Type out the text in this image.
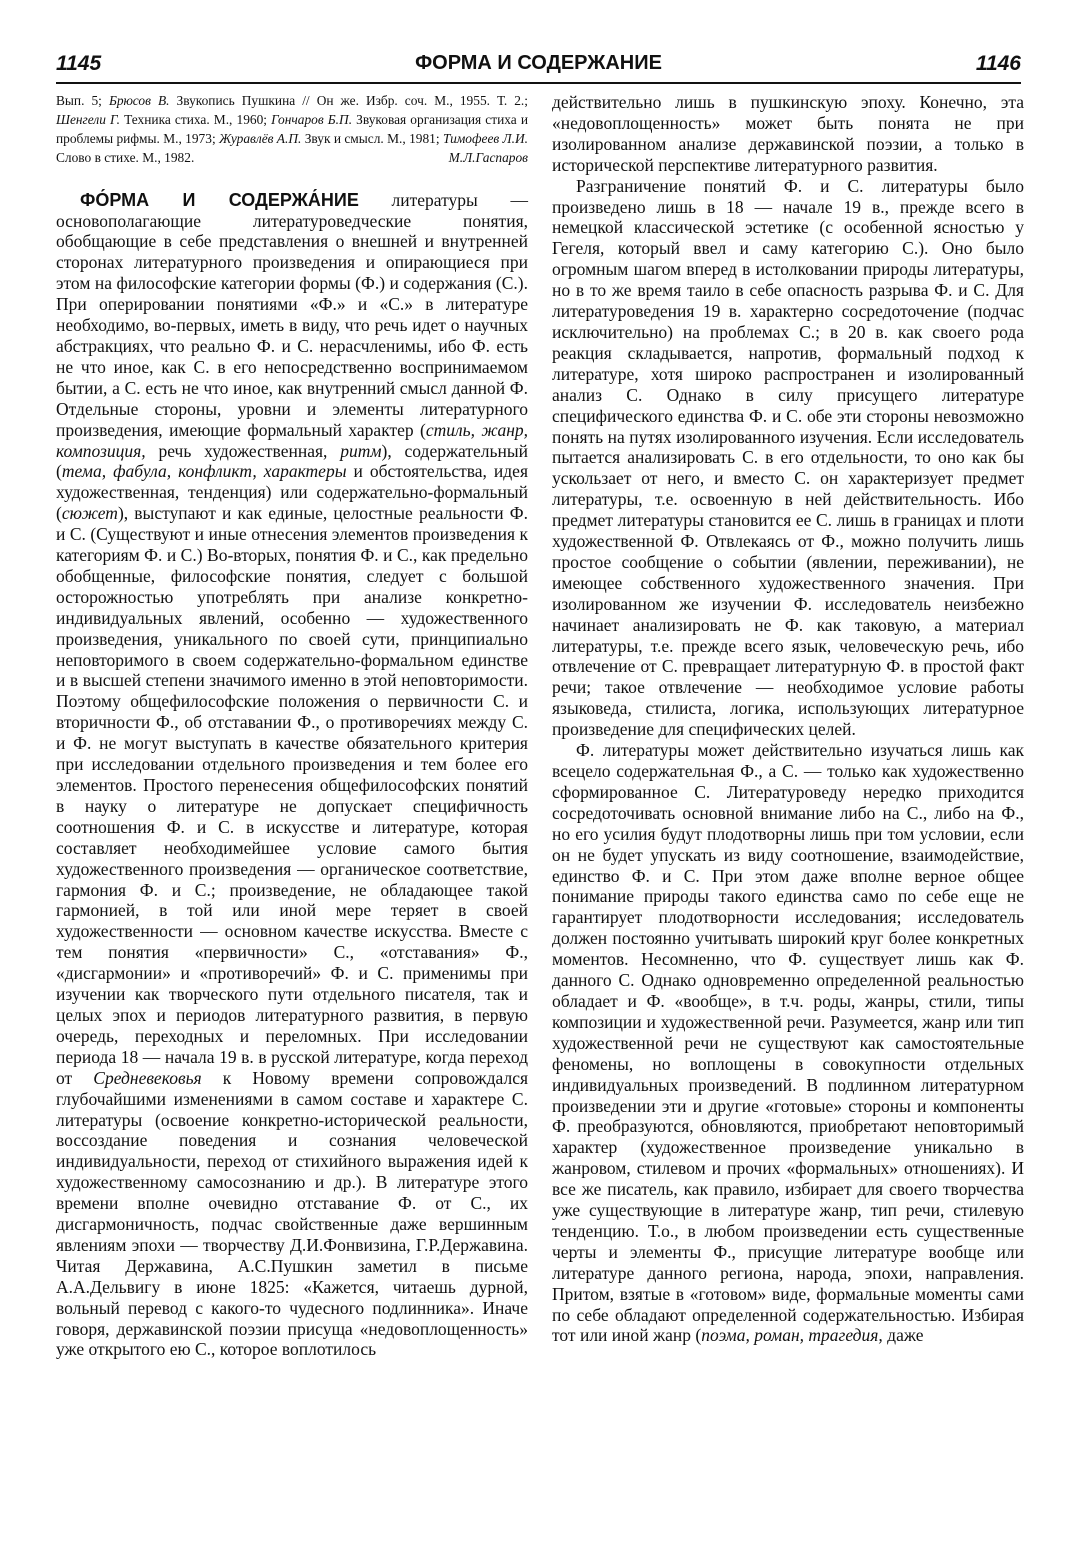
1145	ФОРМА И СОДЕРЖАНИЕ	1146

Вып. 5; Брюсов В. Звукопись Пушкина // Он же. Избр. соч. М., 1955. Т. 2.; Шенгели Г. Техника стиха. М., 1960; Гончаров Б.П. Звуковая организация стиха и проблемы рифмы. М., 1973; Журавлёв А.П. Звук и смысл. М., 1981; Тимофеев Л.И. Слово в стихе. М., 1982.	М.Л.Гаспаров

ФО́РМА И СОДЕРЖА́НИЕ литературы — основополагающие литературоведческие понятия, обобщающие в себе представления о внешней и внутренней сторонах литературного произведения и опирающиеся при этом на философские категории формы (Ф.) и содержания (С.). При оперировании понятиями «Ф.» и «С.» в литературе необходимо, во-первых, иметь в виду, что речь идет о научных абстракциях, что реально Ф. и С. нерасчленимы, ибо Ф. есть не что иное, как С. в его непосредственно воспринимаемом бытии, а С. есть не что иное, как внутренний смысл данной Ф. Отдельные стороны, уровни и элементы литературного произведения, имеющие формальный характер (стиль, жанр, композиция, речь художественная, ритм), содержательный (тема, фабула, конфликт, характеры и обстоятельства, идея художественная, тенденция) или содержательно-формальный (сюжет), выступают и как единые, целостные реальности Ф. и С. (Существуют и иные отнесения элементов произведения к категориям Ф. и С.) Во-вторых, понятия Ф. и С., как предельно обобщенные, философские понятия, следует с большой осторожностью употреблять при анализе конкретно-индивидуальных явлений, особенно — художественного произведения, уникального по своей сути, принципиально неповторимого в своем содержательно-формальном единстве и в высшей степени значимого именно в этой неповторимости. Поэтому общефилософские положения о первичности С. и вторичности Ф., об отставании Ф., о противоречиях между С. и Ф. не могут выступать в качестве обязательного критерия при исследовании отдельного произведения и тем более его элементов. Простого перенесения общефилософских понятий в науку о литературе не допускает специфичность соотношения Ф. и С. в искусстве и литературе, которая составляет необходимейшее условие самого бытия художественного произведения — органическое соответствие, гармония Ф. и С.; произведение, не обладающее такой гармонией, в той или иной мере теряет в своей художественности — основном качестве искусства. Вместе с тем понятия «первичности» С., «отставания» Ф., «дисгармонии» и «противоречий» Ф. и С. применимы при изучении как творческого пути отдельного писателя, так и целых эпох и периодов литературного развития, в первую очередь, переходных и переломных. При исследовании периода 18 — начала 19 в. в русской литературе, когда переход от Средневековья к Новому времени сопровождался глубочайшими изменениями в самом составе и характере С. литературы (освоение конкретно-исторической реальности, воссоздание поведения и сознания человеческой индивидуальности, переход от стихийного выражения идей к художественному самосознанию и др.). В литературе этого времени вполне очевидно отставание Ф. от С., их дисгармоничность, подчас свойственные даже вершинным явлениям эпохи — творчеству Д.И.Фонвизина, Г.Р.Державина. Читая Державина, А.С.Пушкин заметил в письме А.А.Дельвигу в июне 1825: «Кажется, читаешь дурной, вольный перевод с какого-то чудесного подлинника». Иначе говоря, державинской поэзии присуща «недовоплощенность» уже открытого ею С., которое воплотилось

действительно лишь в пушкинскую эпоху. Конечно, эта «недовоплощенность» может быть понята не при изолированном анализе державинской поэзии, а только в исторической перспективе литературного развития.

Разграничение понятий Ф. и С. литературы было произведено лишь в 18 — начале 19 в., прежде всего в немецкой классической эстетике (с особенной ясностью у Гегеля, который ввел и саму категорию С.). Оно было огромным шагом вперед в истолковании природы литературы, но в то же время таило в себе опасность разрыва Ф. и С. Для литературоведения 19 в. характерно сосредоточение (подчас исключительно) на проблемах С.; в 20 в. как своего рода реакция складывается, напротив, формальный подход к литературе, хотя широко распространен и изолированный анализ С. Однако в силу присущего литературе специфического единства Ф. и С. обе эти стороны невозможно понять на путях изолированного изучения. Если исследователь пытается анализировать С. в его отдельности, то оно как бы ускользает от него, и вместо С. он характеризует предмет литературы, т.е. освоенную в ней действительность. Ибо предмет литературы становится ее С. лишь в границах и плоти художественной Ф. Отвлекаясь от Ф., можно получить лишь простое сообщение о событии (явлении, переживании), не имеющее собственного художественного значения. При изолированном же изучении Ф. исследователь неизбежно начинает анализировать не Ф. как таковую, а материал литературы, т.е. прежде всего язык, человеческую речь, ибо отвлечение от С. превращает литературную Ф. в простой факт речи; такое отвлечение — необходимое условие работы языковеда, стилиста, логика, использующих литературное произведение для специфических целей.

Ф. литературы может действительно изучаться лишь как всецело содержательная Ф., а С. — только как художественно сформированное С. Литературоведу нередко приходится сосредоточивать основной внимание либо на С., либо на Ф., но его усилия будут плодотворны лишь при том условии, если он не будет упускать из виду соотношение, взаимодействие, единство Ф. и С. При этом даже вполне верное общее понимание природы такого единства само по себе еще не гарантирует плодотворности исследования; исследователь должен постоянно учитывать широкий круг более конкретных моментов. Несомненно, что Ф. существует лишь как Ф. данного С. Однако одновременно определенной реальностью обладает и Ф. «вообще», в т.ч. роды, жанры, стили, типы композиции и художественной речи. Разумеется, жанр или тип художественной речи не существуют как самостоятельные феномены, но воплощены в совокупности отдельных индивидуальных произведений. В подлинном литературном произведении эти и другие «готовые» стороны и компоненты Ф. преобразуются, обновляются, приобретают неповторимый характер (художественное произведение уникально в жанровом, стилевом и прочих «формальных» отношениях). И все же писатель, как правило, избирает для своего творчества уже существующие в литературе жанр, тип речи, стилевую тенденцию. Т.о., в любом произведении есть существенные черты и элементы Ф., присущие литературе вообще или литературе данного региона, народа, эпохи, направления. Притом, взятые в «готовом» виде, формальные моменты сами по себе обладают определенной содержательностью. Избирая тот или иной жанр (поэма, роман, трагедия, даже
